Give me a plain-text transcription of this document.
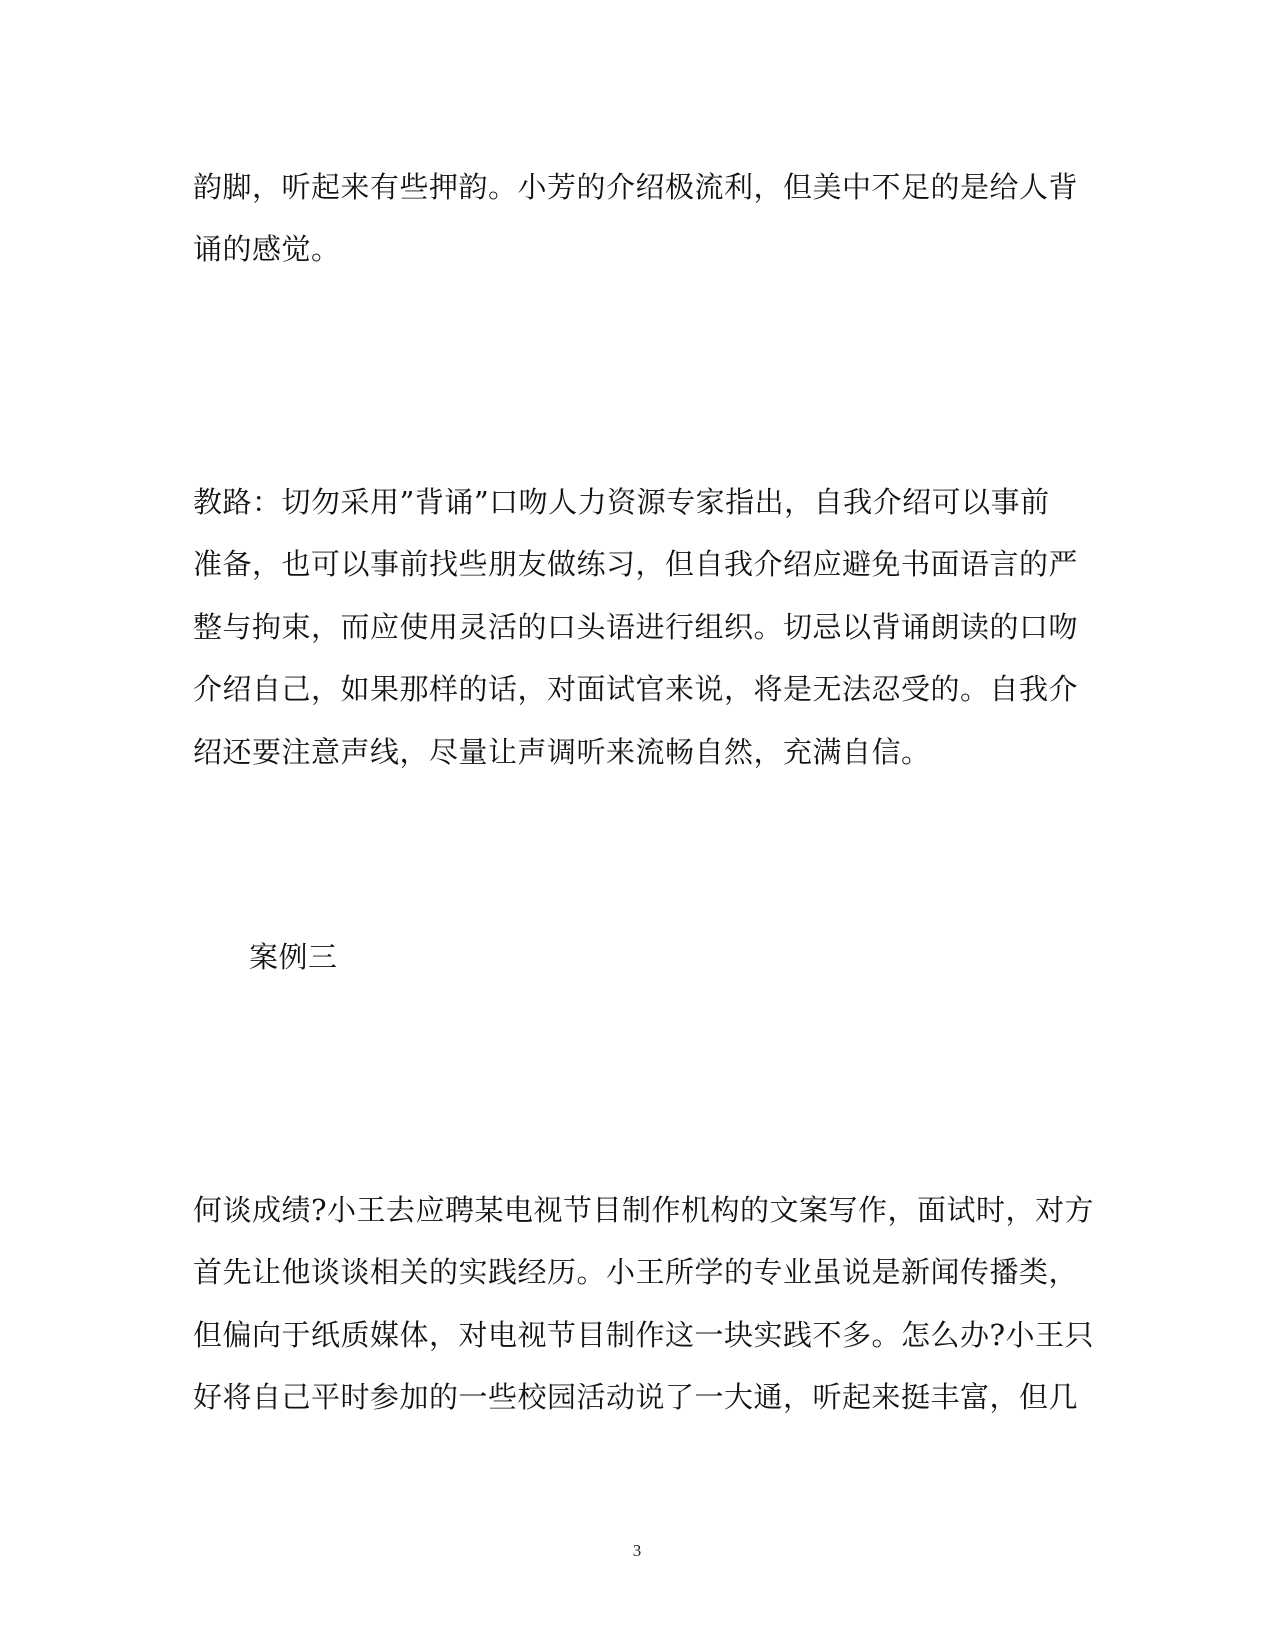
韵脚，听起来有些押韵。小芳的介绍极流利，但美中不足的是给人背
诵的感觉。
教路：切勿采用”背诵”口吻人力资源专家指出，自我介绍可以事前
准备，也可以事前找些朋友做练习，但自我介绍应避免书面语言的严
整与拘束，而应使用灵活的口头语进行组织。切忌以背诵朗读的口吻
介绍自己，如果那样的话，对面试官来说，将是无法忍受的。自我介
绍还要注意声线，尽量让声调听来流畅自然，充满自信。
案例三
何谈成绩?小王去应聘某电视节目制作机构的文案写作，面试时，对方
首先让他谈谈相关的实践经历。小王所学的专业虽说是新闻传播类，
但偏向于纸质媒体，对电视节目制作这一块实践不多。怎么办?小王只
好将自己平时参加的一些校园活动说了一大通，听起来挺丰富，但几
3
